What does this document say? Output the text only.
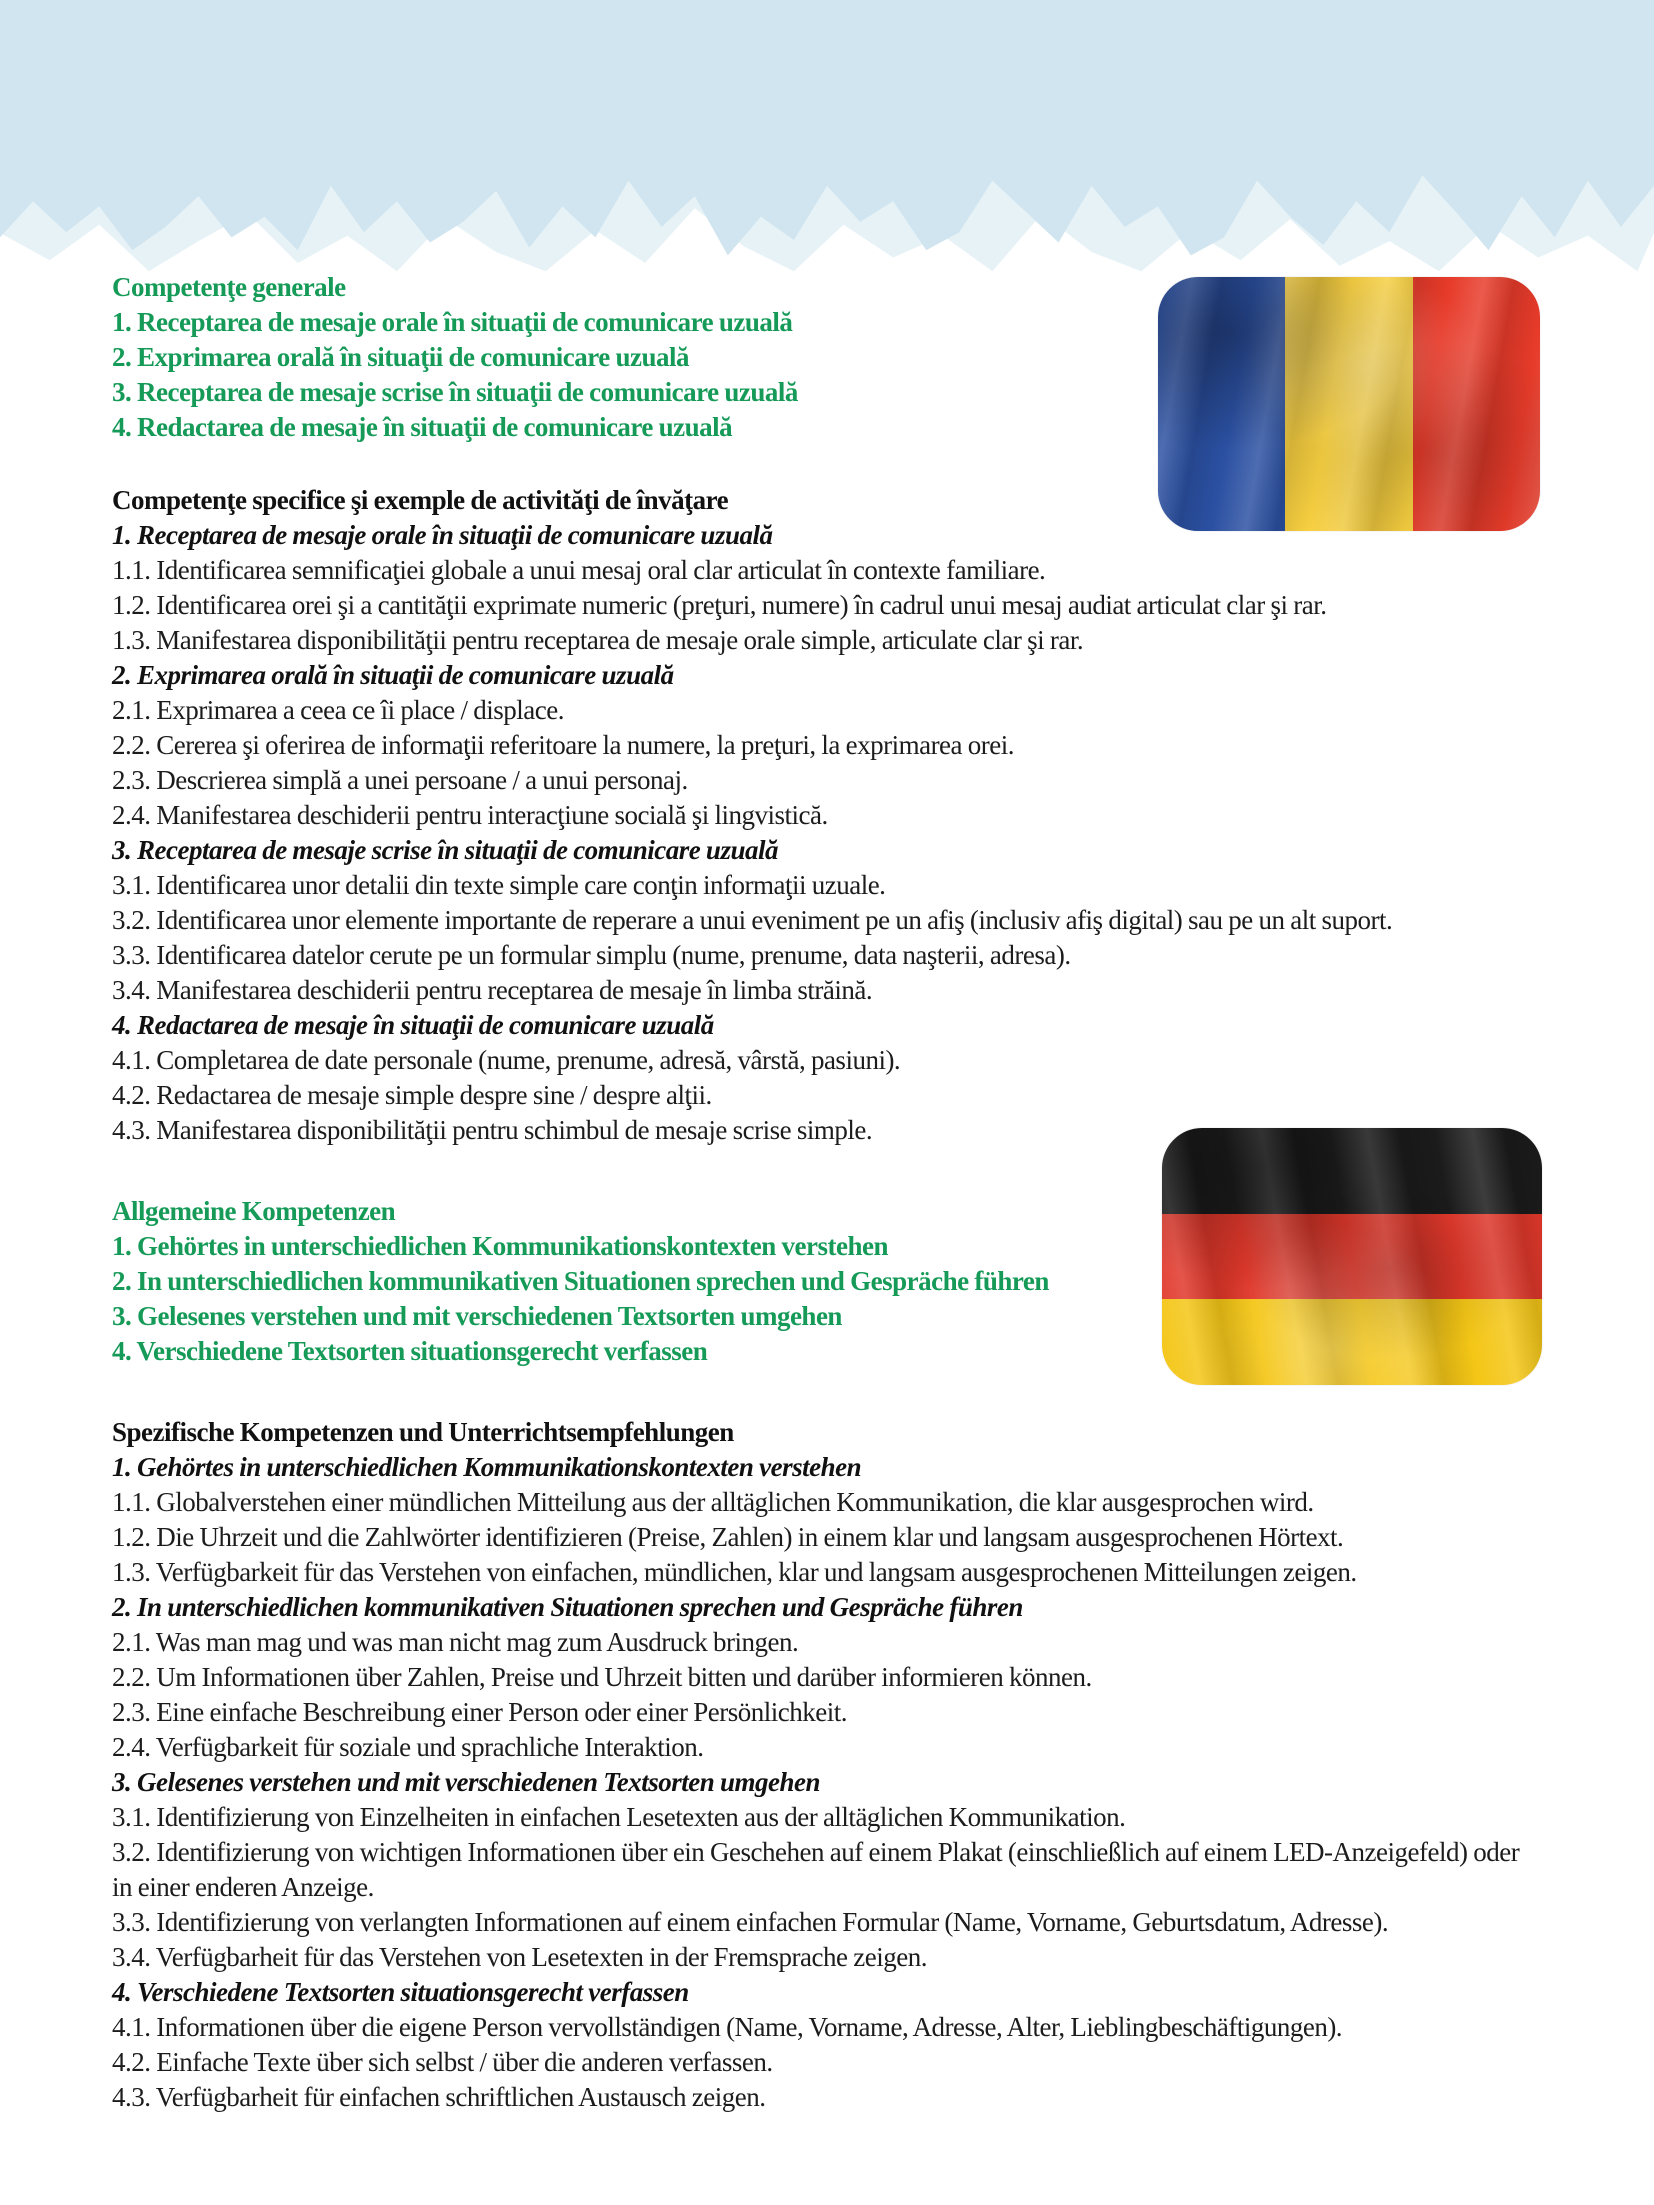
Competenţe generale

1. Receptarea de mesaje orale în situaţii de comunicare uzuală

2. Exprimarea orală în situaţii de comunicare uzuală

3. Receptarea de mesaje scrise în situaţii de comunicare uzuală

4. Redactarea de mesaje în situaţii de comunicare uzuală

Competenţe specifice şi exemple de activităţi de învăţare

1. Receptarea de mesaje orale în situaţii de comunicare uzuală

1.1. Identificarea semnificaţiei globale a unui mesaj oral clar articulat în contexte familiare.

1.2. Identificarea orei şi a cantităţii exprimate numeric (preţuri, numere) în cadrul unui mesaj audiat articulat clar şi rar.

1.3. Manifestarea disponibilităţii pentru receptarea de mesaje orale simple, articulate clar şi rar.

2. Exprimarea orală în situaţii de comunicare uzuală

2.1. Exprimarea a ceea ce îi place / displace.

2.2. Cererea şi oferirea de informaţii referitoare la numere, la preţuri, la exprimarea orei.

2.3. Descrierea simplă a unei persoane / a unui personaj.

2.4. Manifestarea deschiderii pentru interacţiune socială şi lingvistică.

3. Receptarea de mesaje scrise în situaţii de comunicare uzuală

3.1. Identificarea unor detalii din texte simple care conţin informaţii uzuale.

3.2. Identificarea unor elemente importante de reperare a unui eveniment pe un afiş (inclusiv afiş digital) sau pe un alt suport.

3.3. Identificarea datelor cerute pe un formular simplu (nume, prenume, data naşterii, adresa).

3.4. Manifestarea deschiderii pentru receptarea de mesaje în limba străină.

4. Redactarea de mesaje în situaţii de comunicare uzuală

4.1. Completarea de date personale (nume, prenume, adresă, vârstă, pasiuni).

4.2. Redactarea de mesaje simple despre sine / despre alţii.

4.3. Manifestarea disponibilităţii pentru schimbul de mesaje scrise simple.

Allgemeine Kompetenzen

1. Gehörtes in unterschiedlichen Kommunikationskontexten verstehen

2. In unterschiedlichen kommunikativen Situationen sprechen und Gespräche führen

3. Gelesenes verstehen und mit verschiedenen Textsorten umgehen

4. Verschiedene Textsorten situationsgerecht verfassen

Spezifische Kompetenzen und Unterrichtsempfehlungen

1. Gehörtes in unterschiedlichen Kommunikationskontexten verstehen

1.1. Globalverstehen einer mündlichen Mitteilung aus der alltäglichen Kommunikation, die klar ausgesprochen wird.

1.2. Die Uhrzeit und die Zahlwörter identifizieren (Preise, Zahlen) in einem klar und langsam ausgesprochenen Hörtext.

1.3. Verfügbarkeit für das Verstehen von einfachen, mündlichen, klar und langsam ausgesprochenen Mitteilungen zeigen.

2. In unterschiedlichen kommunikativen Situationen sprechen und Gespräche führen

2.1. Was man mag und was man nicht mag zum Ausdruck bringen.

2.2. Um Informationen über Zahlen, Preise und Uhrzeit bitten und darüber informieren können.

2.3. Eine einfache Beschreibung einer Person oder einer Persönlichkeit.

2.4. Verfügbarkeit für soziale und sprachliche Interaktion.

3. Gelesenes verstehen und mit verschiedenen Textsorten umgehen

3.1. Identifizierung von Einzelheiten in einfachen Lesetexten aus der alltäglichen Kommunikation.

3.2. Identifizierung von wichtigen Informationen über ein Geschehen auf einem Plakat (einschließlich auf einem LED-Anzeigefeld) oder in einer enderen Anzeige.

3.3. Identifizierung von verlangten Informationen auf einem einfachen Formular (Name, Vorname, Geburtsdatum, Adresse).

3.4. Verfügbarheit für das Verstehen von Lesetexten in der Fremsprache zeigen.

4. Verschiedene Textsorten situationsgerecht verfassen

4.1. Informationen über die eigene Person vervollständigen (Name, Vorname, Adresse, Alter, Lieblingbeschäftigungen).

4.2. Einfache Texte über sich selbst / über die anderen verfassen.

4.3. Verfügbarheit für einfachen schriftlichen Austausch zeigen.
